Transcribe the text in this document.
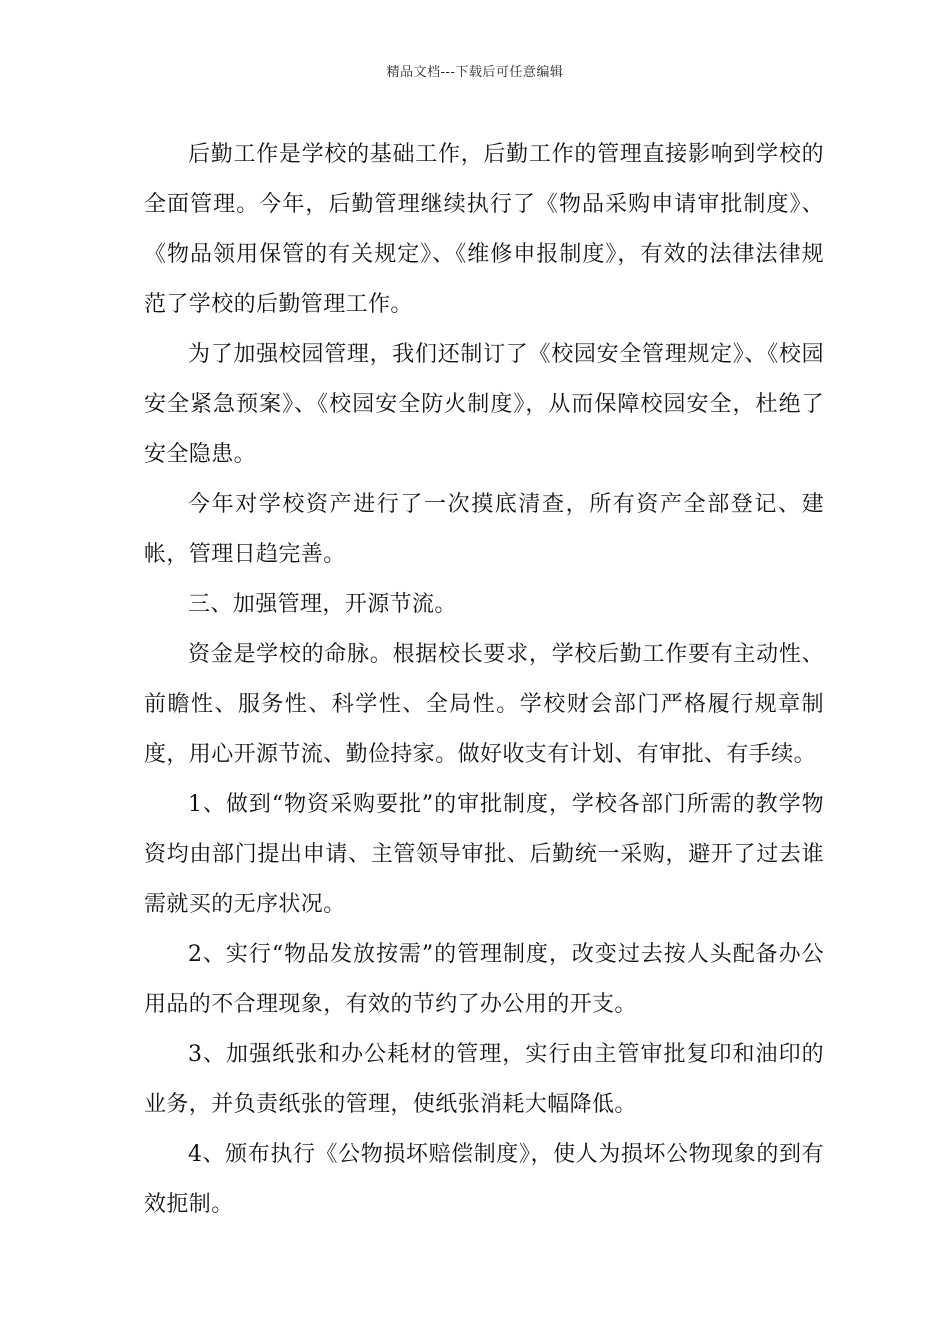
精品文档---下载后可任意编辑

后勤工作是学校的基础工作，后勤工作的管理直接影响到学校的全面管理。今年，后勤管理继续执行了《物品采购申请审批制度》、《物品领用保管的有关规定》、《维修申报制度》，有效的法律法律规范了学校的后勤管理工作。

为了加强校园管理，我们还制订了《校园安全管理规定》、《校园安全紧急预案》、《校园安全防火制度》，从而保障校园安全，杜绝了安全隐患。

今年对学校资产进行了一次摸底清查，所有资产全部登记、建帐，管理日趋完善。

三、加强管理，开源节流。

资金是学校的命脉。根据校长要求，学校后勤工作要有主动性、前瞻性、服务性、科学性、全局性。学校财会部门严格履行规章制度，用心开源节流、勤俭持家。做好收支有计划、有审批、有手续。

1、做到“物资采购要批”的审批制度，学校各部门所需的教学物资均由部门提出申请、主管领导审批、后勤统一采购，避开了过去谁需就买的无序状况。

2、实行“物品发放按需”的管理制度，改变过去按人头配备办公用品的不合理现象，有效的节约了办公用的开支。

3、加强纸张和办公耗材的管理，实行由主管审批复印和油印的业务，并负责纸张的管理，使纸张消耗大幅降低。

4、颁布执行《公物损坏赔偿制度》，使人为损坏公物现象的到有效扼制。
